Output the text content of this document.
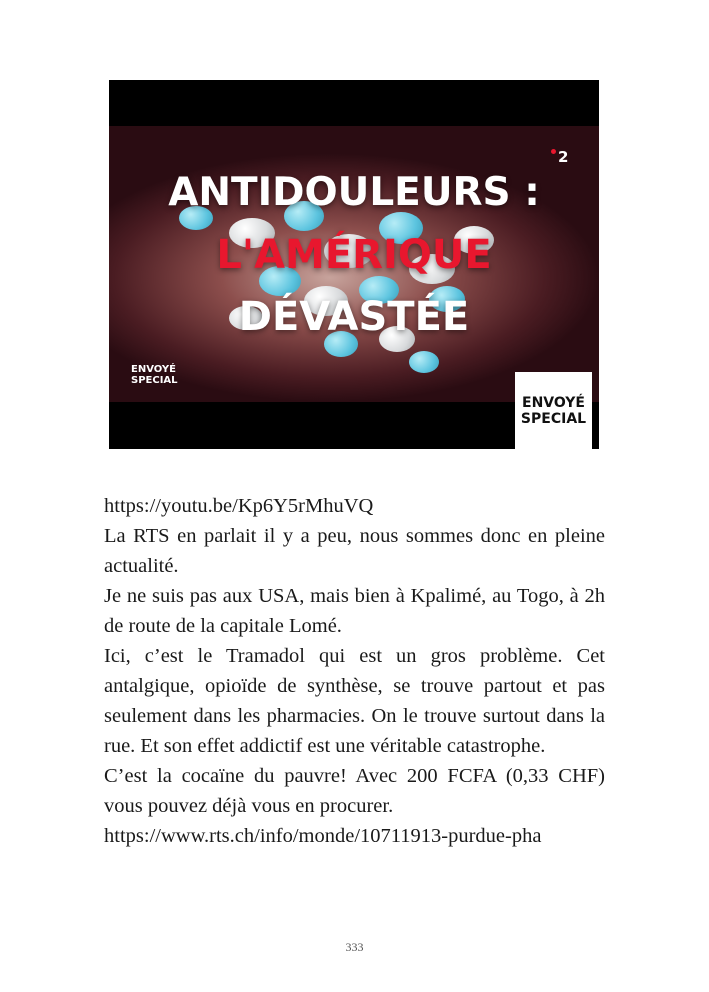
2
ANTIDOULEURS :
L'AMÉRIQUE
DÉVASTÉE
ENVOYÉ
SPECIAL
ENVOYÉ
SPECIAL

https://youtu.be/Kp6Y5rMhuVQ

La RTS en parlait il y a peu, nous sommes donc en pleine actualité.

Je ne suis pas aux USA, mais bien à Kpalimé, au Togo, à 2h de route de la capitale Lomé.

Ici, c’est le Tramadol qui est un gros problème. Cet antalgique, opioïde de synthèse, se trouve partout et pas seulement dans les pharmacies. On le trouve surtout dans la rue. Et son effet addictif est une véritable catastrophe.

C’est la cocaïne du pauvre! Avec 200 FCFA (0,33 CHF) vous pouvez déjà vous en procurer.

https://www.rts.ch/info/monde/10711913-purdue-pha

333
